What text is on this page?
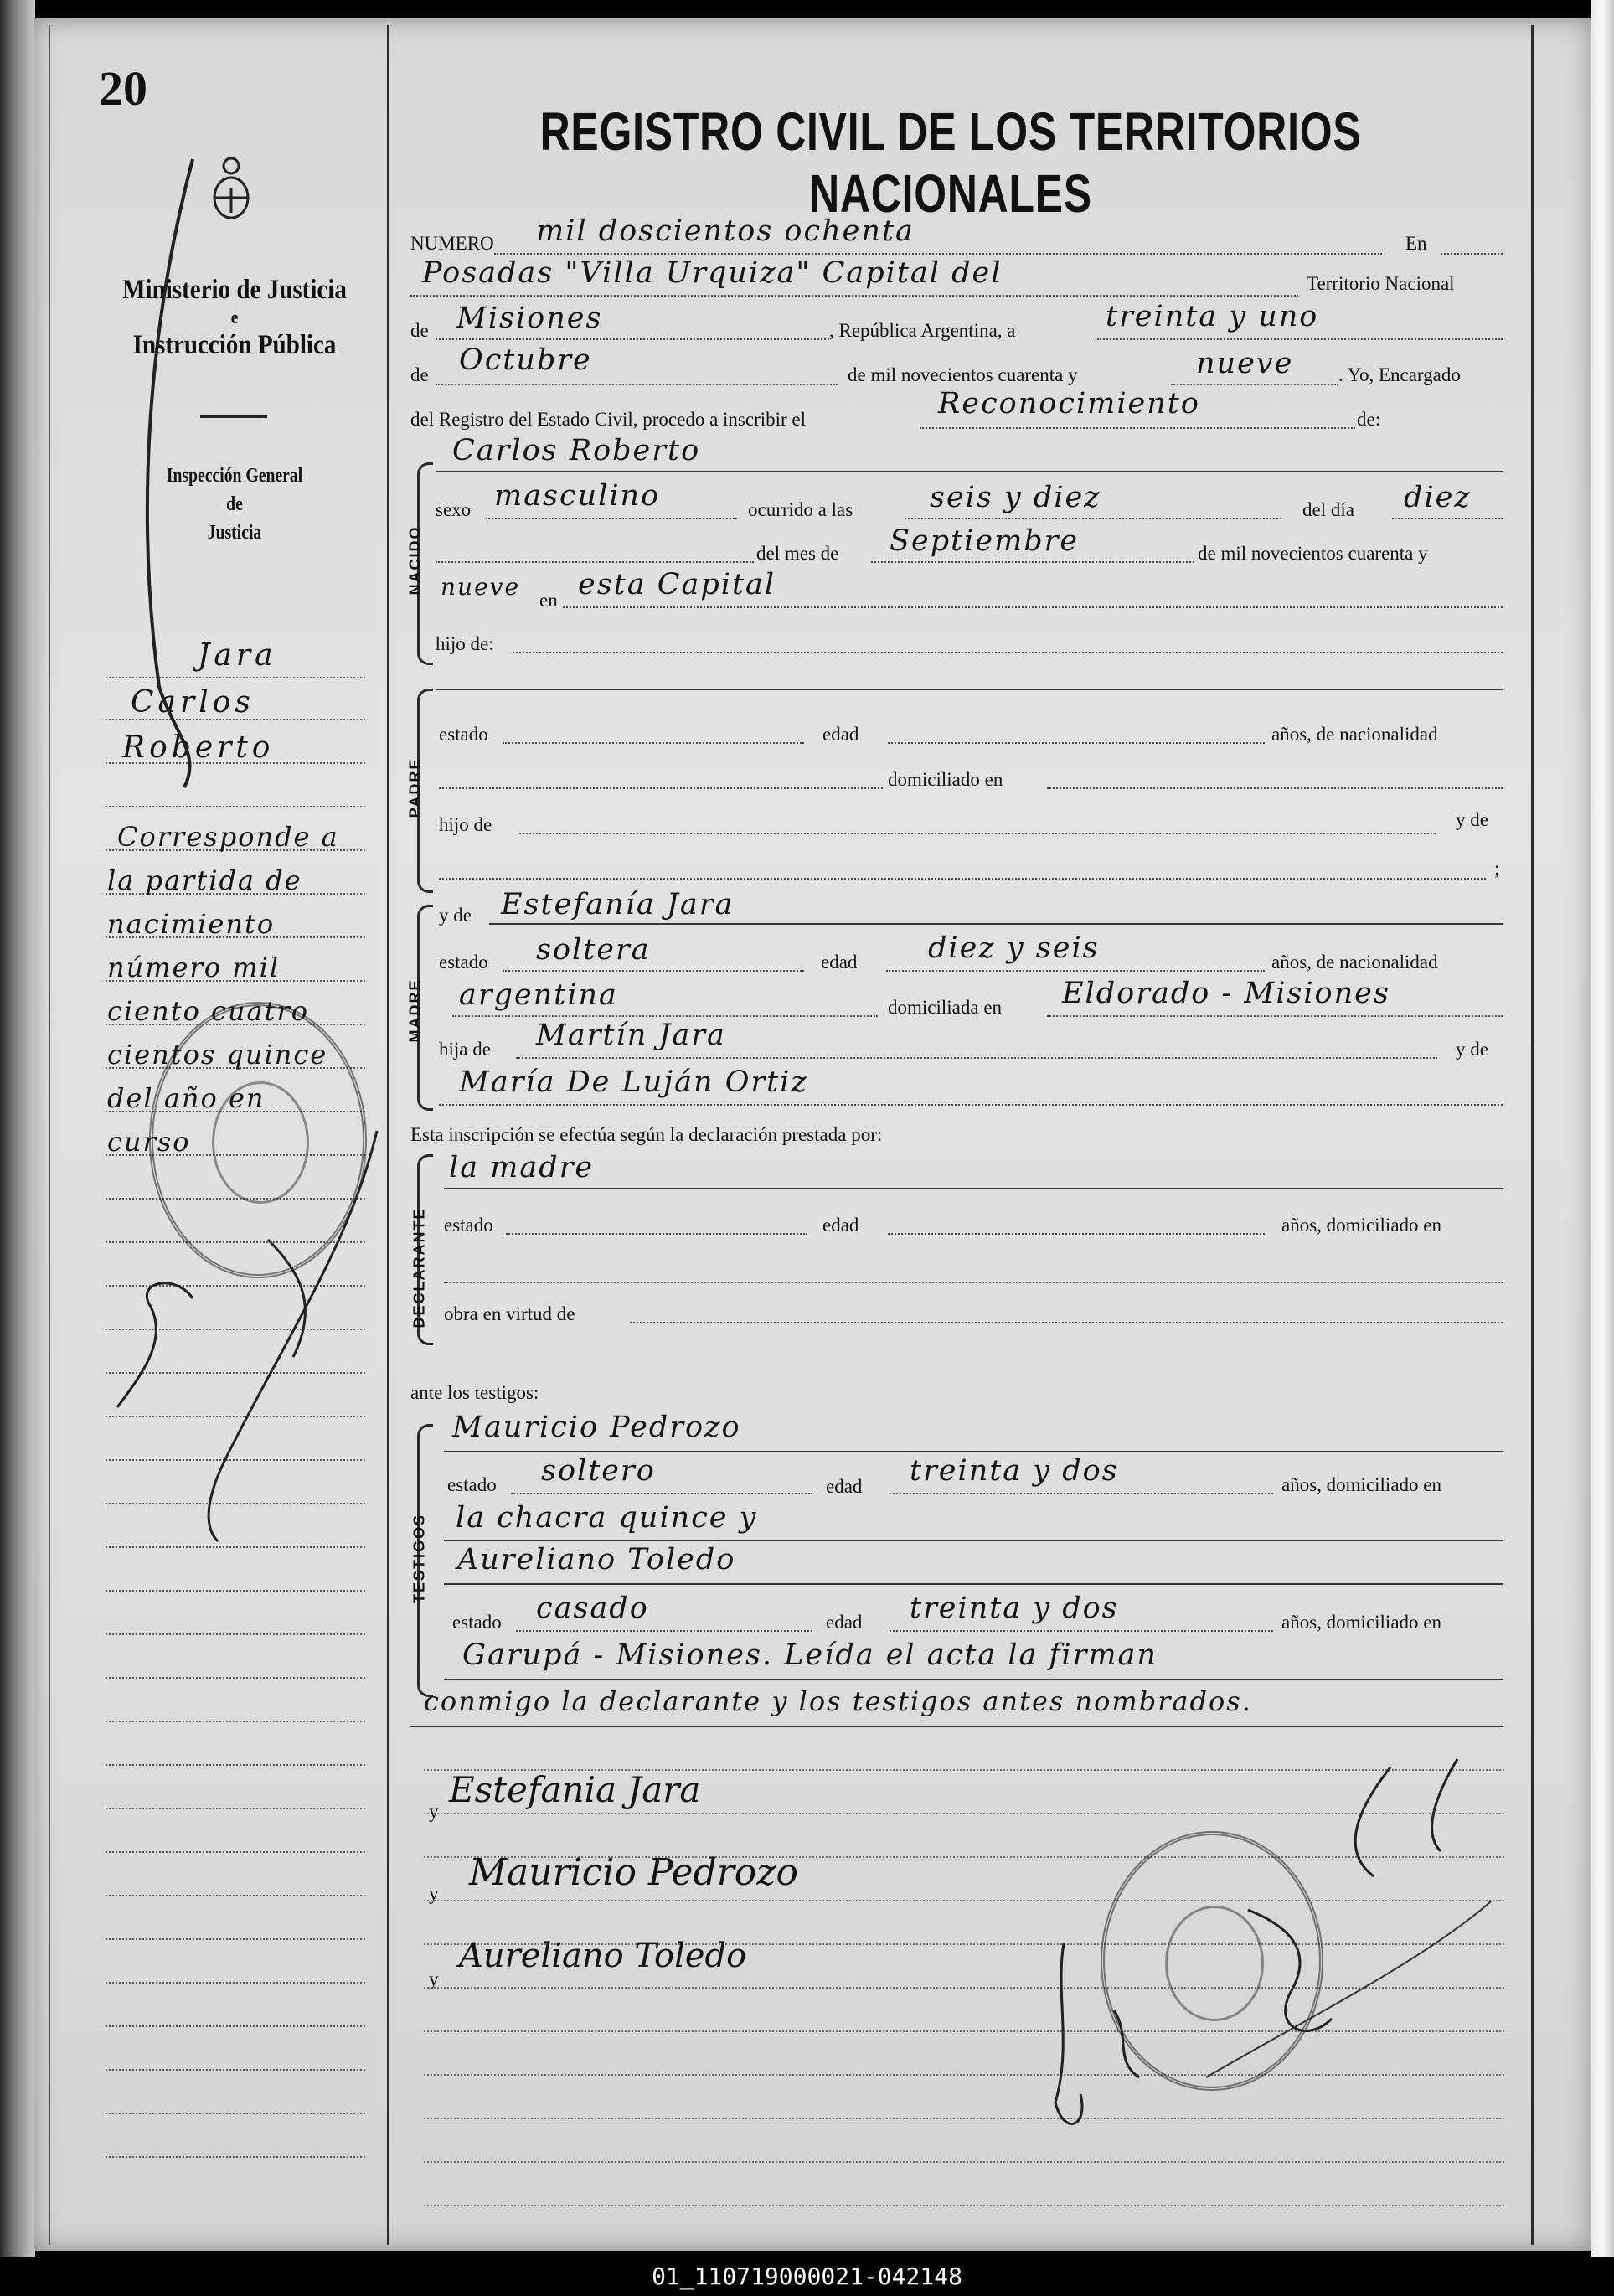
20
Ministerio de Justicia
e
Instrucción Pública
Inspección General
de
Justicia
Jara
Carlos
Roberto
Corresponde a
la partida de
nacimiento
número mil
ciento cuatro
cientos quince
del año en
curso
REGISTRO CIVIL DE LOS TERRITORIOS NACIONALES
NUMERO mil doscientos ochenta	En
Posadas "Villa Urquiza" Capital del	Territorio Nacional
de Misiones	, República Argentina, a	treinta y uno
de Octubre	de mil novecientos cuarenta y	nueve . Yo, Encargado
del Registro del Estado Civil, procedo a inscribir el	Reconocimiento	de:
Carlos Roberto
NACIDO
sexo masculino	ocurrido a las	seis y diez	del día diez
del mes de Septiembre	de mil novecientos cuarenta y
nueve en esta Capital
hijo de:
PADRE
estado	edad	años, de nacionalidad
domiciliado en
hijo de	y de
;
MADRE
y de Estefanía Jara
estado soltera	edad diez y seis	años, de nacionalidad
argentina	domiciliada en Eldorado - Misiones
hija de Martín Jara	y de
María De Luján Ortiz
Esta inscripción se efectúa según la declaración prestada por:
DECLARANTE
la madre
estado	edad	años, domiciliado en
obra en virtud de
ante los testigos:
TESTIGOS
Mauricio Pedrozo
estado soltero	edad treinta y dos	años, domiciliado en
la chacra quince y
Aureliano Toledo
estado casado	edad treinta y dos	años, domiciliado en
Garupá - Misiones. Leída el acta la firman
conmigo la declarante y los testigos antes nombrados.
y
Estefania Jara
y Mauricio Pedrozo
y
Aureliano Toledo
01_110719000021-042148
